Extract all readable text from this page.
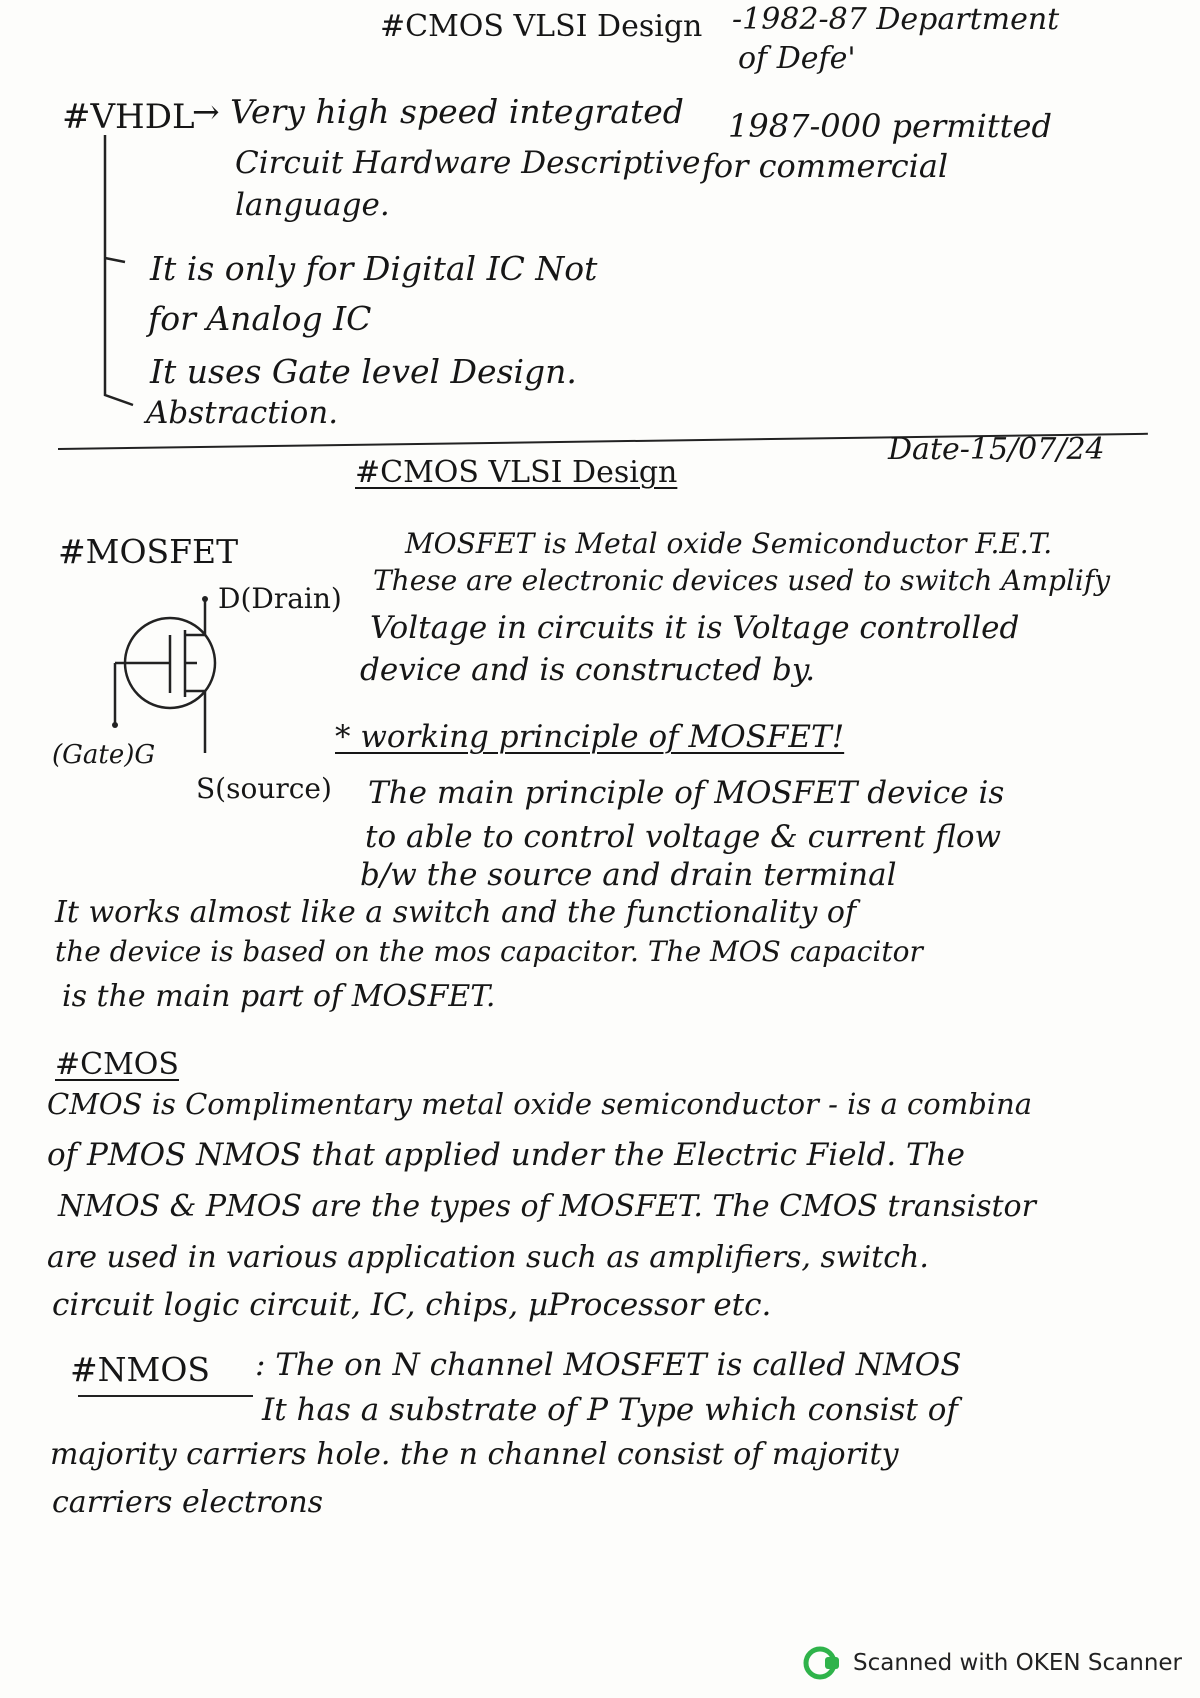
#CMOS VLSI Design -1982-87 Department
of Defe'
1987-000 permitted
for commercial
#VHDL
→ Very high speed integrated
Circuit Hardware Descriptive
language.
It is only for Digital IC Not
for Analog IC
It uses Gate level Design.
Abstraction.
#CMOS VLSI Design
Date-15/07/24
#MOSFET	MOSFET is Metal oxide Semiconductor F.E.T.
These are electronic devices used to switch Amplify
Voltage in circuits it is Voltage controlled
device and is constructed by.
D(Drain)
(Gate)G
S(source)
* working principle of MOSFET!
The main principle of MOSFET device is
to able to control voltage & current flow
b/w the source and drain terminal
It works almost like a switch and the functionality of
the device is based on the mos capacitor. The MOS capacitor
is the main part of MOSFET.
#CMOS
CMOS is Complimentary metal oxide semiconductor - is a combina
of PMOS NMOS that applied under the Electric Field. The
NMOS & PMOS are the types of MOSFET. The CMOS transistor
are used in various application such as amplifiers, switch.
circuit logic circuit, IC, chips, µProcessor etc.
#NMOS : The on N channel MOSFET is called NMOS
It has a substrate of P Type which consist of
majority carriers hole. the n channel consist of majority
carriers electrons
Scanned with OKEN Scanner
